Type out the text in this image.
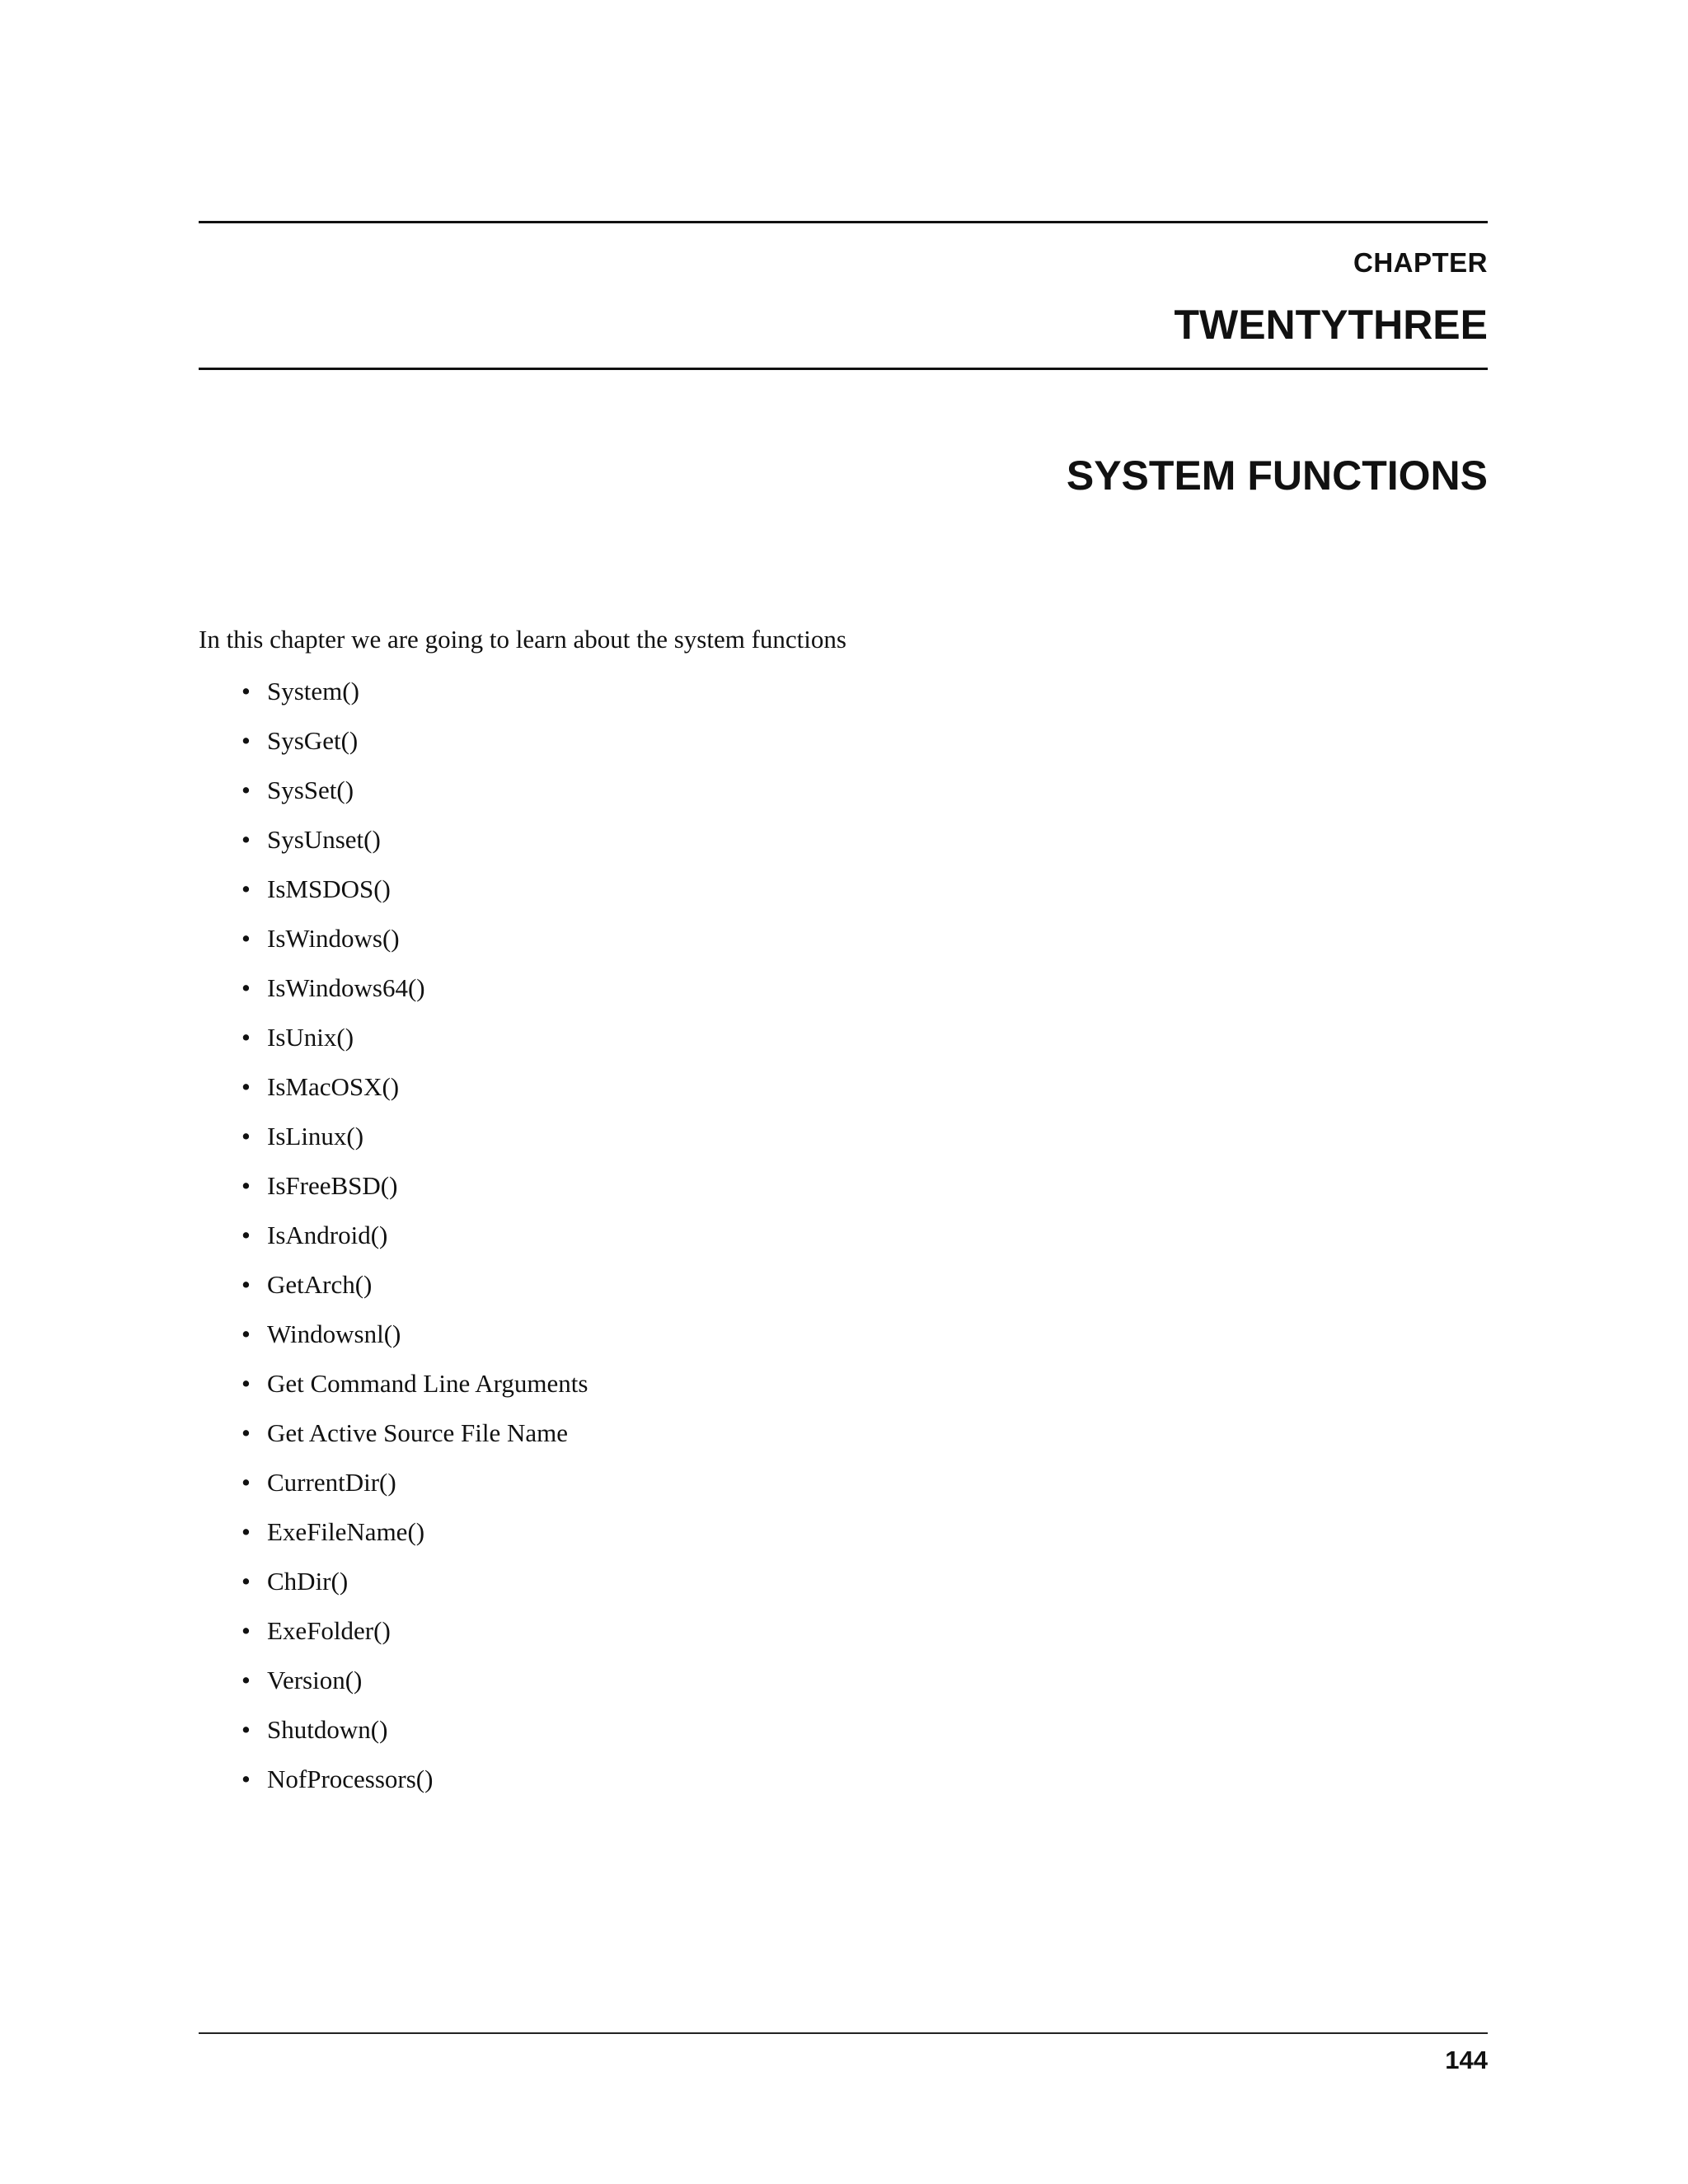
CHAPTER
TWENTYTHREE
SYSTEM FUNCTIONS
In this chapter we are going to learn about the system functions
• System()
• SysGet()
• SysSet()
• SysUnset()
• IsMSDOS()
• IsWindows()
• IsWindows64()
• IsUnix()
• IsMacOSX()
• IsLinux()
• IsFreeBSD()
• IsAndroid()
• GetArch()
• Windowsnl()
• Get Command Line Arguments
• Get Active Source File Name
• CurrentDir()
• ExeFileName()
• ChDir()
• ExeFolder()
• Version()
• Shutdown()
• NofProcessors()
144
